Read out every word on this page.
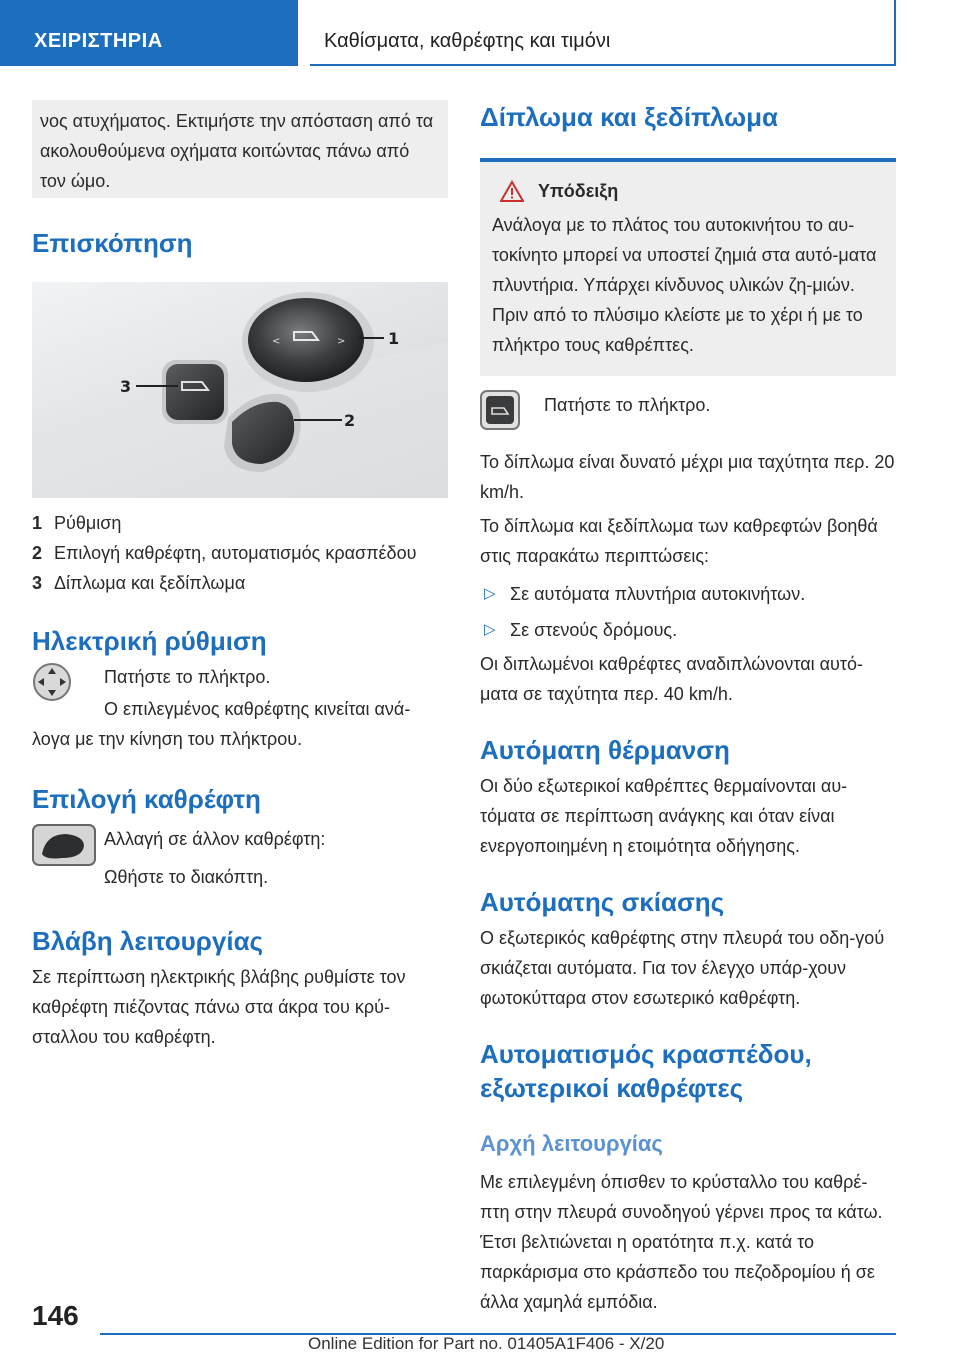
ΧΕΙΡΙΣΤΗΡΙΑ	Καθίσματα, καθρέφτης και τιμόνι

νος ατυχήματος. Εκτιμήστε την απόσταση από τα ακολουθούμενα οχήματα κοιτώντας πάνω από τον ώμο.

Επισκόπηση
<	>	1
2
3
1 Ρύθμιση
2 Επιλογή καθρέφτη, αυτοματισμός κρασπέδου
3 Δίπλωμα και ξεδίπλωμα
Ηλεκτρική ρύθμιση

Πατήστε το πλήκτρο.

Ο επιλεγμένος καθρέφτης κινείται ανά-

λογα με την κίνηση του πλήκτρου.

Επιλογή καθρέφτη

Αλλαγή σε άλλον καθρέφτη:

Ωθήστε το διακόπτη.

Βλάβη λειτουργίας

Σε περίπτωση ηλεκτρικής βλάβης ρυθμίστε τον καθρέφτη πιέζοντας πάνω στα άκρα του κρύ-σταλλου του καθρέφτη.

Δίπλωμα και ξεδίπλωμα
Υπόδειξη

Ανάλογα με το πλάτος του αυτοκινήτου το αυ-τοκίνητο μπορεί να υποστεί ζημιά στα αυτό-ματα πλυντήρια. Υπάρχει κίνδυνος υλικών ζη-μιών. Πριν από το πλύσιμο κλείστε με το χέρι ή με το πλήκτρο τους καθρέπτες.

Πατήστε το πλήκτρο.

Το δίπλωμα είναι δυνατό μέχρι μια ταχύτητα περ. 20 km/h.

Το δίπλωμα και ξεδίπλωμα των καθρεφτών βοηθά στις παρακάτω περιπτώσεις:

▷ Σε αυτόματα πλυντήρια αυτοκινήτων.
▷ Σε στενούς δρόμους.

Οι διπλωμένοι καθρέφτες αναδιπλώνονται αυτό-ματα σε ταχύτητα περ. 40 km/h.

Αυτόματη θέρμανση

Οι δύο εξωτερικοί καθρέπτες θερμαίνονται αυ-τόματα σε περίπτωση ανάγκης και όταν είναι ενεργοποιημένη η ετοιμότητα οδήγησης.

Αυτόματης σκίασης

Ο εξωτερικός καθρέφτης στην πλευρά του οδη-γού σκιάζεται αυτόματα. Για τον έλεγχο υπάρ-χουν φωτοκύτταρα στον εσωτερικό καθρέφτη.

Αυτοματισμός κρασπέδου, εξωτερικοί καθρέφτες
Αρχή λειτουργίας

Με επιλεγμένη όπισθεν το κρύσταλλο του καθρέ-πτη στην πλευρά συνοδηγού γέρνει προς τα κάτω. Έτσι βελτιώνεται η ορατότητα π.χ. κατά το παρκάρισμα στο κράσπεδο του πεζοδρομίου ή σε άλλα χαμηλά εμπόδια.

146
Online Edition for Part no. 01405A1F406 - X/20
